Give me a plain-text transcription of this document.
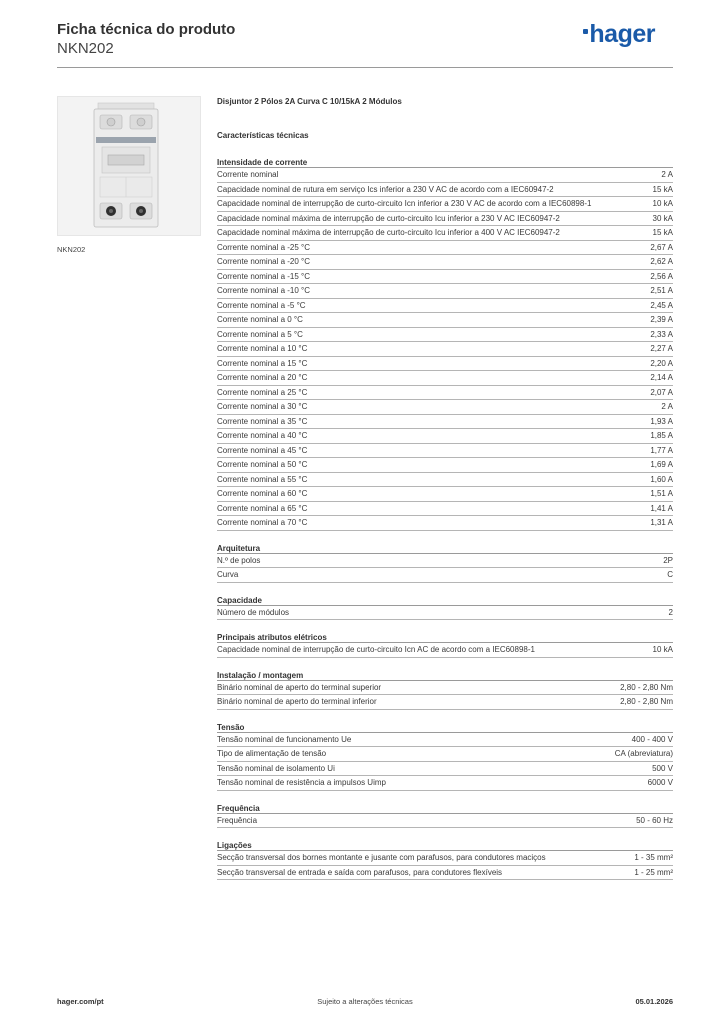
Ficha técnica do produto
NKN202
hager
NKN202
Disjuntor 2 Pólos 2A Curva C 10/15kA 2 Módulos
Características técnicas
Intensidade de corrente
Corrente nominal	2 A
Capacidade nominal de rutura em serviço Ics inferior a 230 V AC de acordo com a IEC60947-2	15 kA
Capacidade nominal de interrupção de curto-circuito Icn inferior a 230 V AC de acordo com a IEC60898-1	10 kA
Capacidade nominal máxima de interrupção de curto-circuito Icu inferior a 230 V AC IEC60947-2	30 kA
Capacidade nominal máxima de interrupção de curto-circuito Icu inferior a 400 V AC IEC60947-2	15 kA
Corrente nominal a -25 °C	2,67 A
Corrente nominal a -20 °C	2,62 A
Corrente nominal a -15 °C	2,56 A
Corrente nominal a -10 °C	2,51 A
Corrente nominal a -5 °C	2,45 A
Corrente nominal a 0 °C	2,39 A
Corrente nominal a 5 °C	2,33 A
Corrente nominal a 10 °C	2,27 A
Corrente nominal a 15 °C	2,20 A
Corrente nominal a 20 °C	2,14 A
Corrente nominal a 25 °C	2,07 A
Corrente nominal a 30 °C	2 A
Corrente nominal a 35 °C	1,93 A
Corrente nominal a 40 °C	1,85 A
Corrente nominal a 45 °C	1,77 A
Corrente nominal a 50 °C	1,69 A
Corrente nominal a 55 °C	1,60 A
Corrente nominal a 60 °C	1,51 A
Corrente nominal a 65 °C	1,41 A
Corrente nominal a 70 °C	1,31 A
Arquitetura
N.º de polos	2P
Curva	C
Capacidade
Número de módulos	2
Principais atributos elétricos
Capacidade nominal de interrupção de curto-circuito Icn AC de acordo com a IEC60898-1	10 kA
Instalação / montagem
Binário nominal de aperto do terminal superior	2,80 - 2,80 Nm
Binário nominal de aperto do terminal inferior	2,80 - 2,80 Nm
Tensão
Tensão nominal de funcionamento Ue	400 - 400 V
Tipo de alimentação de tensão	CA (abreviatura)
Tensão nominal de isolamento Ui	500 V
Tensão nominal de resistência a impulsos Uimp	6000 V
Frequência
Frequência	50 - 60 Hz
Ligações
Secção transversal dos bornes montante e jusante com parafusos, para condutores maciços	1 - 35 mm²
Secção transversal de entrada e saída com parafusos, para condutores flexíveis	1 - 25 mm²
hager.com/pt	Sujeito a alterações técnicas	05.01.2026
